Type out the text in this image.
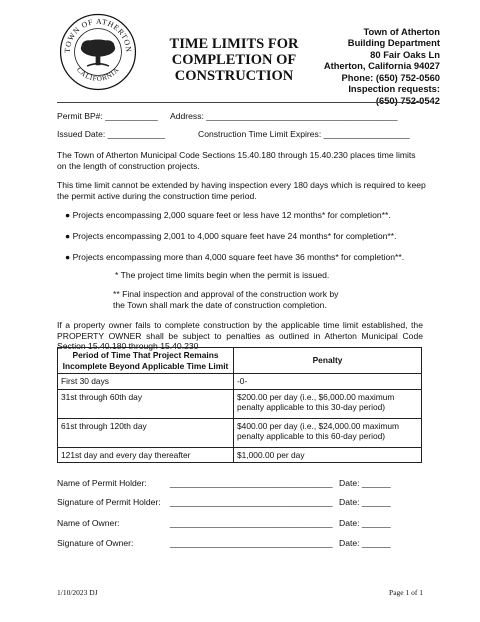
TOWN OF ATHERTON
CALIFORNIA
TIME LIMITS FOR
COMPLETION OF
CONSTRUCTION
Town of Atherton
Building Department
80 Fair Oaks Ln
Atherton, California 94027
Phone: (650) 752-0560
Inspection requests:
(650) 752-0542
Permit BP#: ___________ Address: ________________________________________
Issued Date: ____________	Construction Time Limit Expires: __________________
The Town of Atherton Municipal Code Sections 15.40.180 through 15.40.230 places time limits on the length of construction projects.
This time limit cannot be extended by having inspection every 180 days which is required to keep the permit active during the construction time period.
● Projects encompassing 2,000 square feet or less have 12 months* for completion**.
● Projects encompassing 2,001 to 4,000 square feet have 24 months* for completion**.
● Projects encompassing more than 4,000 square feet have 36 months* for completion**.
* The project time limits begin when the permit is issued.
** Final inspection and approval of the construction work by
the Town shall mark the date of construction completion.
If a property owner fails to complete construction by the applicable time limit established, the PROPERTY OWNER shall be subject to penalties as outlined in Atherton Municipal Code Section 15.40.180 through 15.40.230
Period of Time That Project Remains
Incomplete Beyond Applicable Time Limit	Penalty
First 30 days	-0-
31st through 60th day	$200.00 per day (i.e., $6,000.00 maximum
penalty applicable to this 30-day period)

61st through 120th day	$400.00 per day (i.e., $24,000.00 maximum
penalty applicable to this 60-day period)

121st day and every day thereafter	$1,000.00 per day
Name of Permit Holder:	__________________________________ Date: ______
Signature of Permit Holder: __________________________________ Date: ______
Name of Owner:	__________________________________ Date: ______
Signature of Owner:	__________________________________ Date: ______
1/10/2023 DJ	Page 1 of 1
